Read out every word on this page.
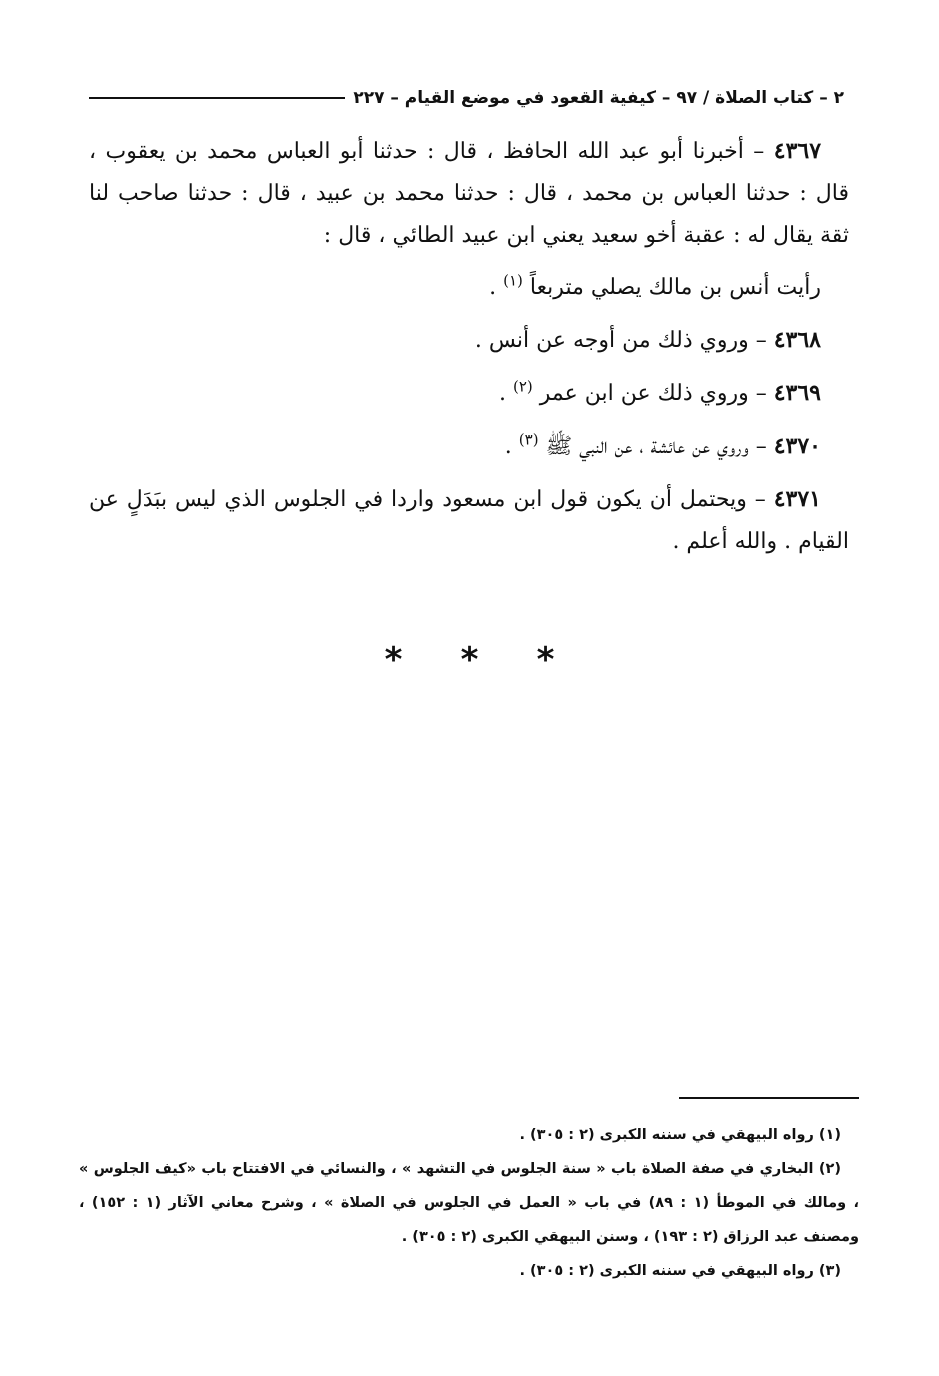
٢ – كتاب الصلاة / ٩٧ – كيفية القعود في موضع القيام – ٢٢٧

٤٣٦٧ – أخبرنا أبو عبد الله الحافظ ، قال : حدثنا أبو العباس محمد بن يعقوب ، قال : حدثنا العباس بن محمد ، قال : حدثنا محمد بن عبيد ، قال : حدثنا صاحب لنا ثقة يقال له : عقبة أخو سعيد يعني ابن عبيد الطائي ، قال :

رأيت أنس بن مالك يصلي متربعاً $^{(١)}$ .

٤٣٦٨ – وروي ذلك من أوجه عن أنس .

٤٣٦٩ – وروي ذلك عن ابن عمر $^{(٢)}$ .

٤٣٧٠ – وروي عن عائشة ، عن النبي ﷺ $^{(٣)}$ .

٤٣٧١ – ويحتمل أن يكون قول ابن مسعود واردا في الجلوس الذي ليس ببَدَلٍ عن القيام . والله أعلم .

* * *

(١) رواه البيهقي في سننه الكبرى (٢ : ٣٠٥) .

(٢) البخاري في صفة الصلاة باب « سنة الجلوس في التشهد » ، والنسائي في الافتتاح باب «كيف الجلوس » ، ومالك في الموطأ (١ : ٨٩) في باب « العمل في الجلوس في الصلاة » ، وشرح معاني الآثار (١ : ١٥٢) ، ومصنف عبد الرزاق (٢ : ١٩٣) ، وسنن البيهقي الكبرى (٢ : ٣٠٥) .

(٣) رواه البيهقي في سننه الكبرى (٢ : ٣٠٥) .
